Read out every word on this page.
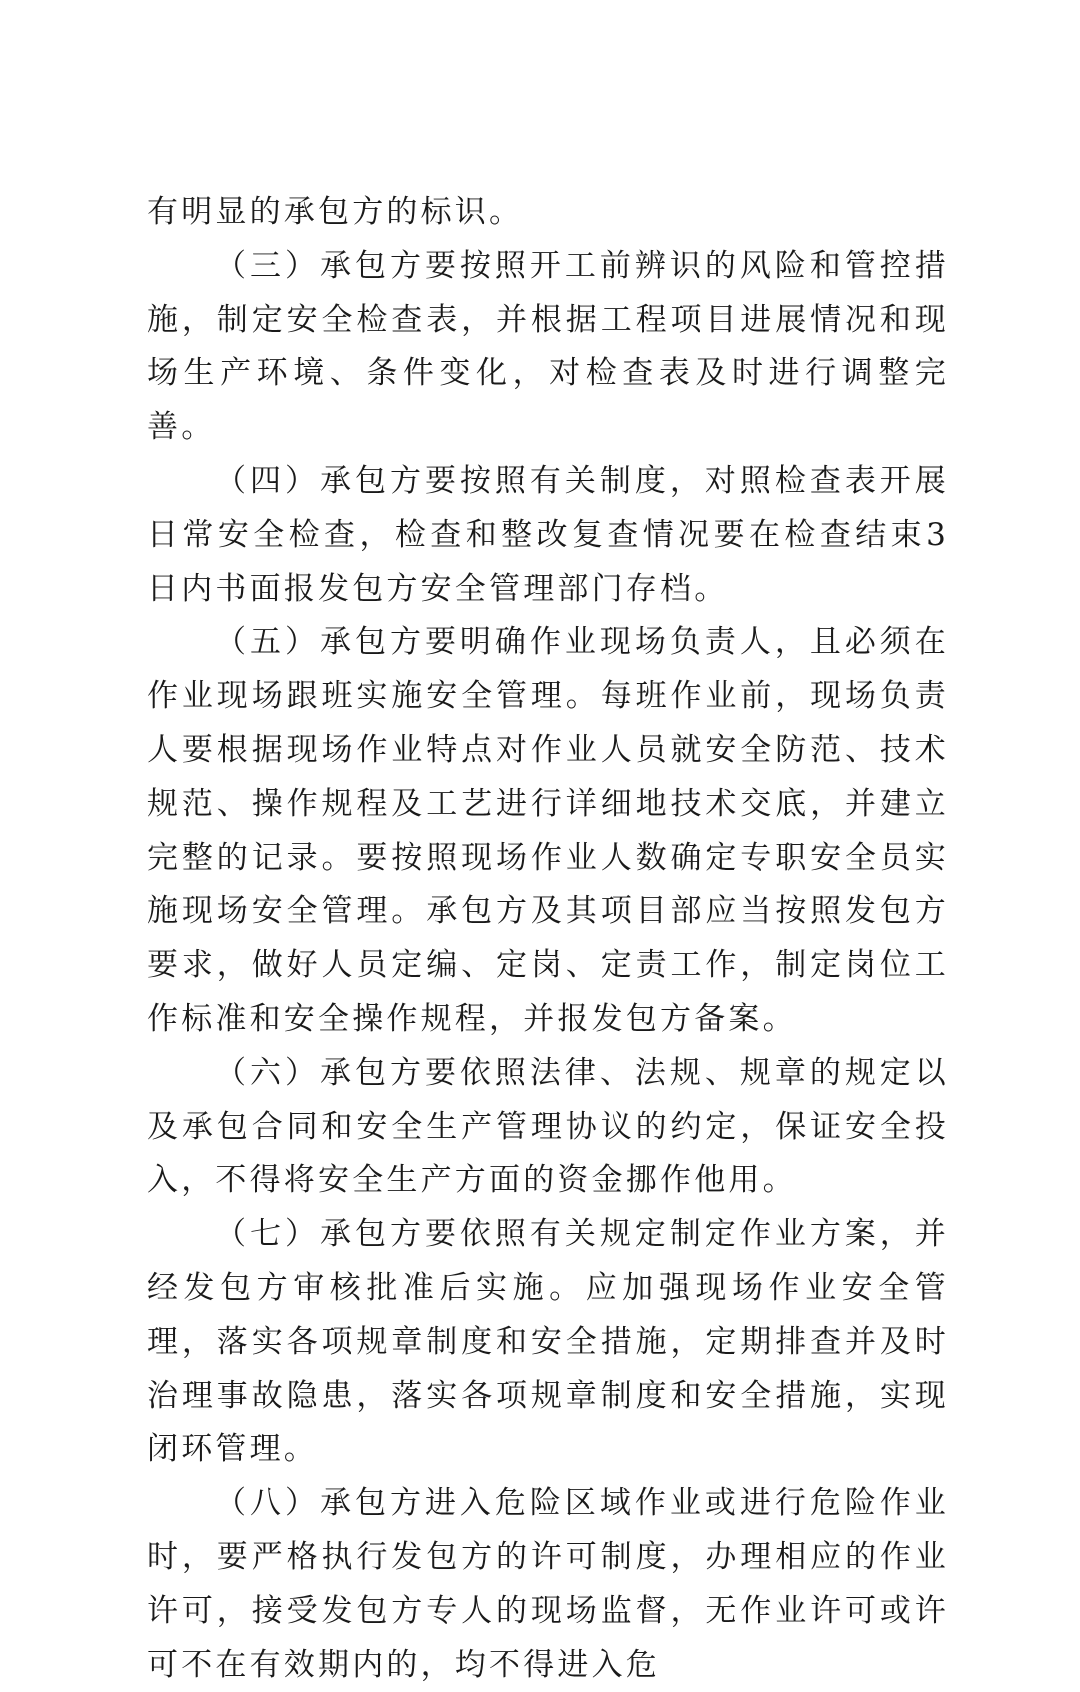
有明显的承包方的标识。

（三）承包方要按照开工前辨识的风险和管控措施，制定安全检查表，并根据工程项目进展情况和现场生产环境、条件变化，对检查表及时进行调整完善。

（四）承包方要按照有关制度，对照检查表开展日常安全检查，检查和整改复查情况要在检查结束3日内书面报发包方安全管理部门存档。

（五）承包方要明确作业现场负责人，且必须在作业现场跟班实施安全管理。每班作业前，现场负责人要根据现场作业特点对作业人员就安全防范、技术规范、操作规程及工艺进行详细地技术交底，并建立完整的记录。要按照现场作业人数确定专职安全员实施现场安全管理。承包方及其项目部应当按照发包方要求，做好人员定编、定岗、定责工作，制定岗位工作标准和安全操作规程，并报发包方备案。

（六）承包方要依照法律、法规、规章的规定以及承包合同和安全生产管理协议的约定，保证安全投入，不得将安全生产方面的资金挪作他用。

（七）承包方要依照有关规定制定作业方案，并经发包方审核批准后实施。应加强现场作业安全管理，落实各项规章制度和安全措施，定期排查并及时治理事故隐患，落实各项规章制度和安全措施，实现闭环管理。

（八）承包方进入危险区域作业或进行危险作业时，要严格执行发包方的许可制度，办理相应的作业许可，接受发包方专人的现场监督，无作业许可或许可不在有效期内的，均不得进入危
